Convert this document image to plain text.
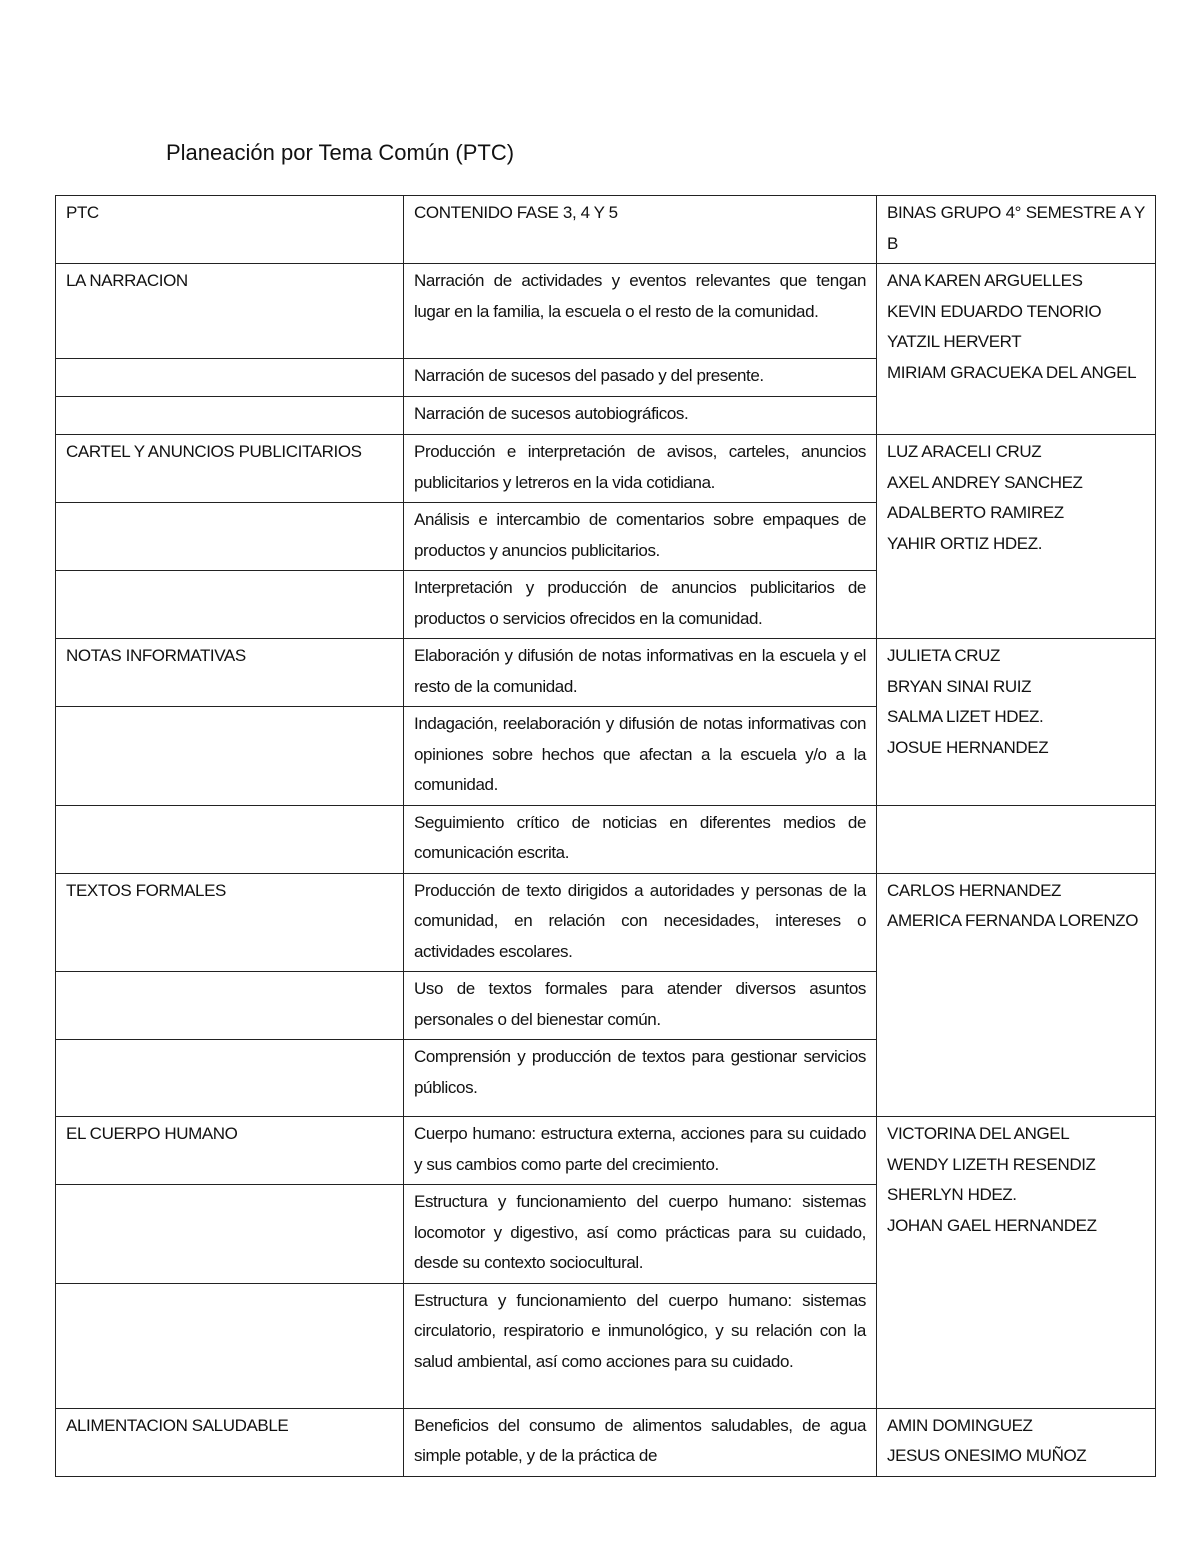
Planeación por Tema Común (PTC)
PTC	CONTENIDO FASE 3, 4 Y 5	BINAS GRUPO 4° SEMESTRE A Y B
LA NARRACION	Narración de actividades y eventos relevantes que tengan lugar en la familia, la escuela o el resto de la comunidad.	ANA KAREN ARGUELLES
KEVIN EDUARDO TENORIO
YATZIL HERVERT
MIRIAM GRACUEKA DEL ANGEL

	Narración de sucesos del pasado y del presente.	
	Narración de sucesos autobiográficos.	
CARTEL Y ANUNCIOS PUBLICITARIOS	Producción e interpretación de avisos, carteles, anuncios publicitarios y letreros en la vida cotidiana.	LUZ ARACELI CRUZ
AXEL ANDREY SANCHEZ
ADALBERTO RAMIREZ
YAHIR ORTIZ HDEZ.

	Análisis e intercambio de comentarios sobre empaques de productos y anuncios publicitarios.	
	Interpretación y producción de anuncios publicitarios de productos o servicios ofrecidos en la comunidad.	
NOTAS INFORMATIVAS	Elaboración y difusión de notas informativas en la escuela y el resto de la comunidad.	JULIETA CRUZ
BRYAN SINAI RUIZ
SALMA LIZET HDEZ.
JOSUE HERNANDEZ

	Indagación, reelaboración y difusión de notas informativas con opiniones sobre hechos que afectan a la escuela y/o a la comunidad.	
	Seguimiento crítico de noticias en diferentes medios de comunicación escrita.	
TEXTOS FORMALES	Producción de texto dirigidos a autoridades y personas de la comunidad, en relación con necesidades, intereses o actividades escolares.	CARLOS HERNANDEZ
AMERICA FERNANDA LORENZO
	Uso de textos formales para atender diversos asuntos personales o del bienestar común.	
	Comprensión y producción de textos para gestionar servicios públicos.	
EL CUERPO HUMANO	Cuerpo humano: estructura externa, acciones para su cuidado y sus cambios como parte del crecimiento.	VICTORINA DEL ANGEL
WENDY LIZETH RESENDIZ
SHERLYN HDEZ.
JOHAN GAEL HERNANDEZ

	Estructura y funcionamiento del cuerpo humano: sistemas locomotor y digestivo, así como prácticas para su cuidado, desde su contexto sociocultural.	
	Estructura y funcionamiento del cuerpo humano: sistemas circulatorio, respiratorio e inmunológico, y su relación con la salud ambiental, así como acciones para su cuidado.	
ALIMENTACION SALUDABLE	Beneficios del consumo de alimentos saludables, de agua simple potable, y de la práctica de	AMIN DOMINGUEZ
JESUS ONESIMO MUÑOZ
